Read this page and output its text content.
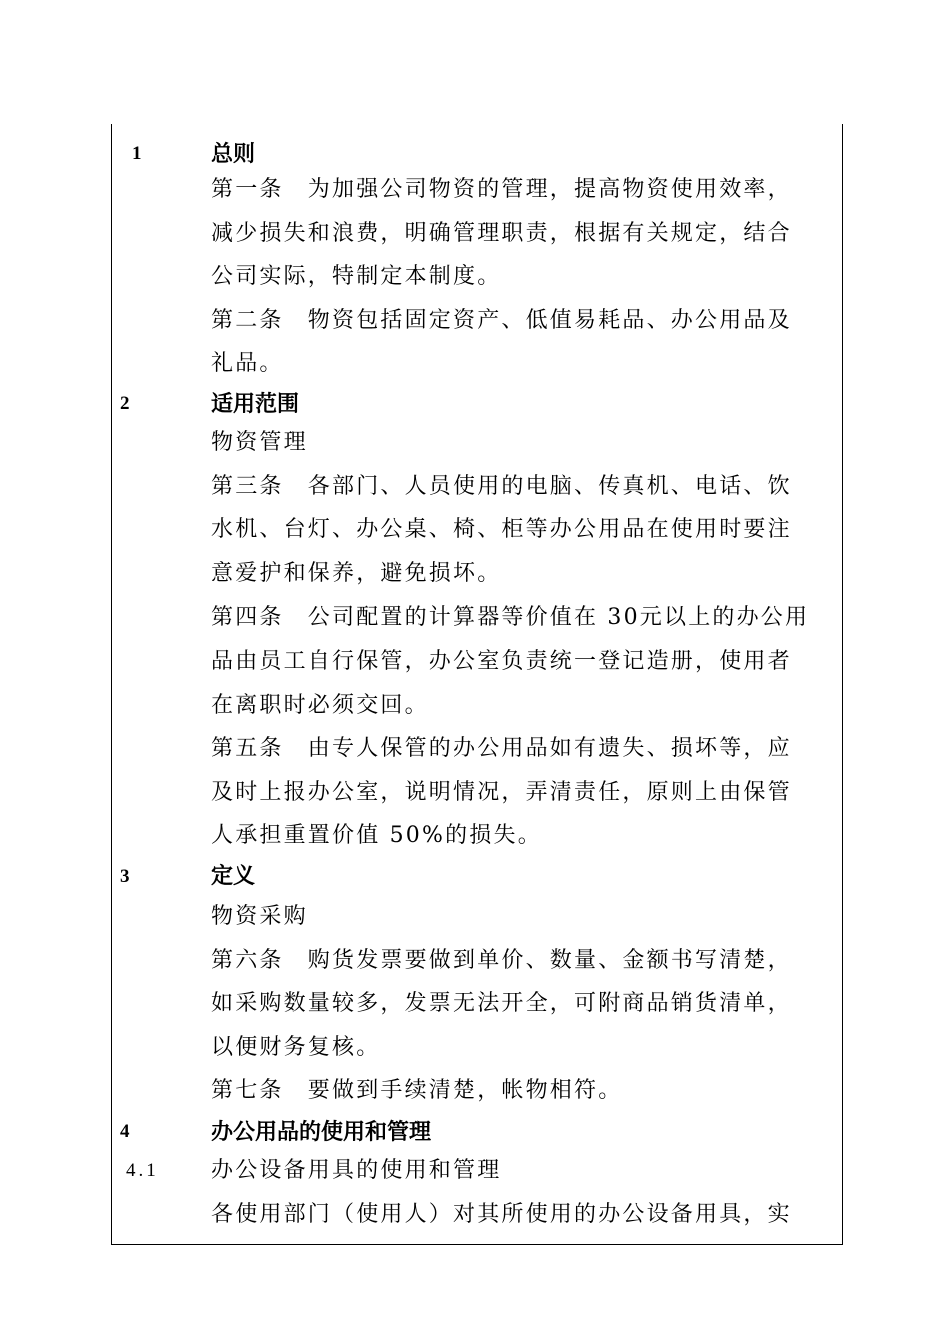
1	总则
第一条　为加强公司物资的管理，提高物资使用效率，
减少损失和浪费，明确管理职责，根据有关规定，结合
公司实际，特制定本制度。
第二条　物资包括固定资产、低值易耗品、办公用品及
礼品。
2	适用范围
物资管理
第三条　各部门、人员使用的电脑、传真机、电话、饮
水机、台灯、办公桌、椅、柜等办公用品在使用时要注
意爱护和保养，避免损坏。
第四条　公司配置的计算器等价值在 30元以上的办公用
品由员工自行保管，办公室负责统一登记造册，使用者
在离职时必须交回。
第五条　由专人保管的办公用品如有遗失、损坏等，应
及时上报办公室，说明情况，弄清责任，原则上由保管
人承担重置价值 50%的损失。
3	定义
物资采购
第六条　购货发票要做到单价、数量、金额书写清楚，
如采购数量较多，发票无法开全，可附商品销货清单，
以便财务复核。
第七条　要做到手续清楚，帐物相符。
4	办公用品的使用和管理
4.1 办公设备用具的使用和管理
各使用部门（使用人）对其所使用的办公设备用具，实
